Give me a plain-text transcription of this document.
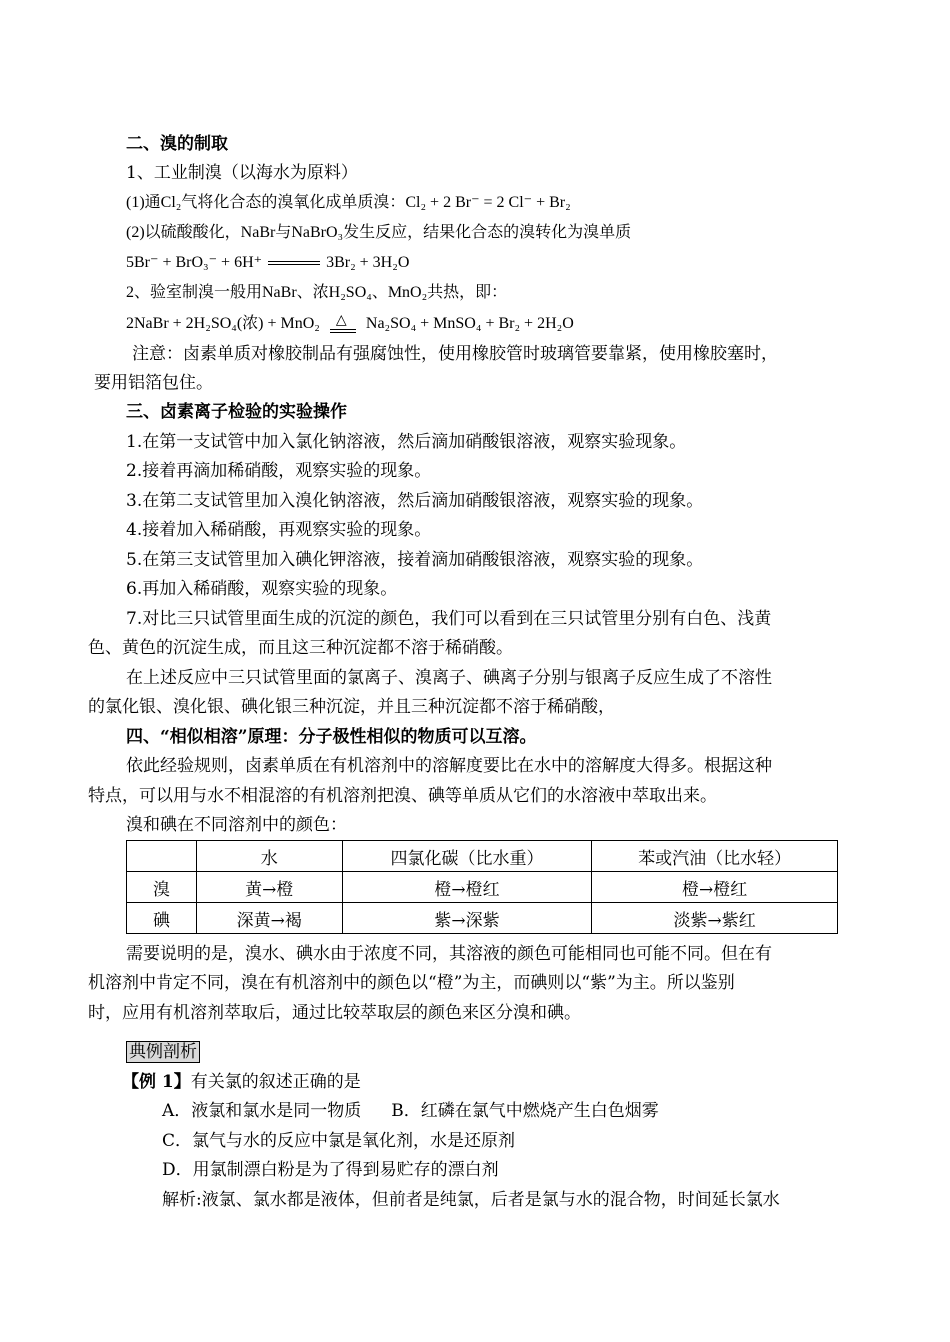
二、溴的制取
1、工业制溴（以海水为原料）
(1)通Cl₂气将化合态的溴氧化成单质溴：Cl₂ + 2 Br⁻ = 2 Cl⁻ + Br₂
(2)以硫酸酸化，NaBr与NaBrO₃发生反应，结果化合态的溴转化为溴单质
5Br⁻ + BrO₃⁻ + 6H⁺	3Br₂ + 3H₂O
2、验室制溴一般用NaBr、浓H₂SO₄、MnO₂共热，即：
2NaBr + 2H₂SO₄(浓) + MnO₂ △ Na₂SO₄ + MnSO₄ + Br₂ + 2H₂O
注意：卤素单质对橡胶制品有强腐蚀性，使用橡胶管时玻璃管要靠紧，使用橡胶塞时，
要用铝箔包住。
三、卤素离子检验的实验操作
1.在第一支试管中加入氯化钠溶液，然后滴加硝酸银溶液，观察实验现象。
2.接着再滴加稀硝酸，观察实验的现象。
3.在第二支试管里加入溴化钠溶液，然后滴加硝酸银溶液，观察实验的现象。
4.接着加入稀硝酸，再观察实验的现象。
5.在第三支试管里加入碘化钾溶液，接着滴加硝酸银溶液，观察实验的现象。
6.再加入稀硝酸，观察实验的现象。
7.对比三只试管里面生成的沉淀的颜色，我们可以看到在三只试管里分别有白色、浅黄
色、黄色的沉淀生成，而且这三种沉淀都不溶于稀硝酸。
在上述反应中三只试管里面的氯离子、溴离子、碘离子分别与银离子反应生成了不溶性
的氯化银、溴化银、碘化银三种沉淀，并且三种沉淀都不溶于稀硝酸，
四、“相似相溶”原理：分子极性相似的物质可以互溶。
依此经验规则，卤素单质在有机溶剂中的溶解度要比在水中的溶解度大得多。根据这种
特点，可以用与水不相混溶的有机溶剂把溴、碘等单质从它们的水溶液中萃取出来。
溴和碘在不同溶剂中的颜色：
	水	四氯化碳（比水重）	苯或汽油（比水轻）
溴	黄→橙	橙→橙红	橙→橙红
碘	深黄→褐	紫→深紫	淡紫→紫红
需要说明的是，溴水、碘水由于浓度不同，其溶液的颜色可能相同也可能不同。但在有
机溶剂中肯定不同，溴在有机溶剂中的颜色以“橙”为主，而碘则以“紫”为主。所以鉴别
时，应用有机溶剂萃取后，通过比较萃取层的颜色来区分溴和碘。
典例剖析
【例 1】有关氯的叙述正确的是
A．液氯和氯水是同一物质 B．红磷在氯气中燃烧产生白色烟雾
C．氯气与水的反应中氯是氧化剂，水是还原剂
D．用氯制漂白粉是为了得到易贮存的漂白剂
解析:液氯、氯水都是液体，但前者是纯氯，后者是氯与水的混合物，时间延长氯水
